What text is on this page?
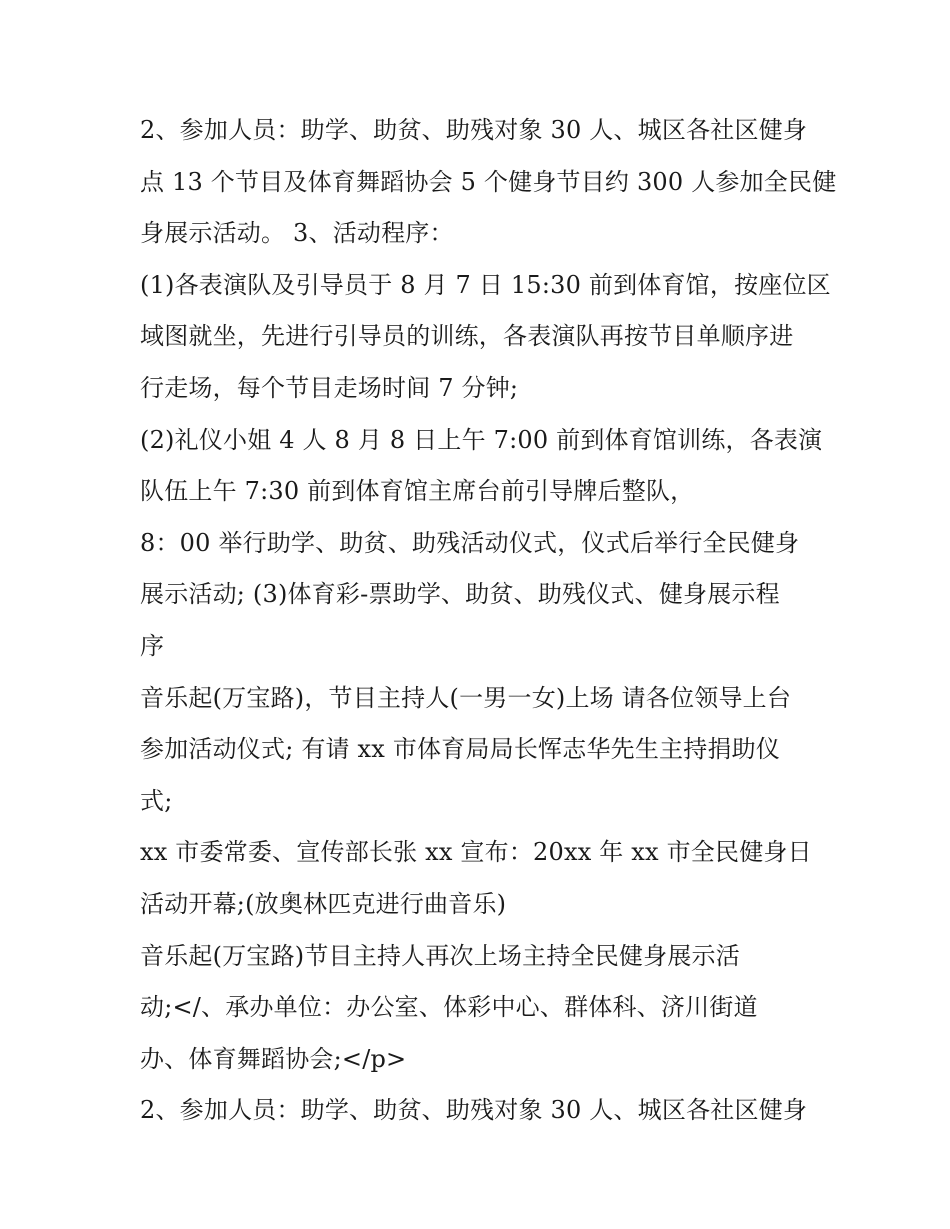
2、参加人员：助学、助贫、助残对象 30 人、城区各社区健身
点 13 个节目及体育舞蹈协会 5 个健身节目约 300 人参加全民健
身展示活动。 3、活动程序：
(1)各表演队及引导员于 8 月 7 日 15:30 前到体育馆，按座位区
域图就坐，先进行引导员的训练，各表演队再按节目单顺序进
行走场，每个节目走场时间 7 分钟;
(2)礼仪小姐 4 人 8 月 8 日上午 7:00 前到体育馆训练，各表演
队伍上午 7:30 前到体育馆主席台前引导牌后整队，
8：00 举行助学、助贫、助残活动仪式，仪式后举行全民健身
展示活动; (3)体育彩-票助学、助贫、助残仪式、健身展示程
序
音乐起(万宝路)，节目主持人(一男一女)上场 请各位领导上台
参加活动仪式; 有请 xx 市体育局局长恽志华先生主持捐助仪
式;
xx 市委常委、宣传部长张 xx 宣布：20xx 年 xx 市全民健身日
活动开幕;(放奥林匹克进行曲音乐)
音乐起(万宝路)节目主持人再次上场主持全民健身展示活
动;</、承办单位：办公室、体彩中心、群体科、济川街道
办、体育舞蹈协会;</p>
2、参加人员：助学、助贫、助残对象 30 人、城区各社区健身
